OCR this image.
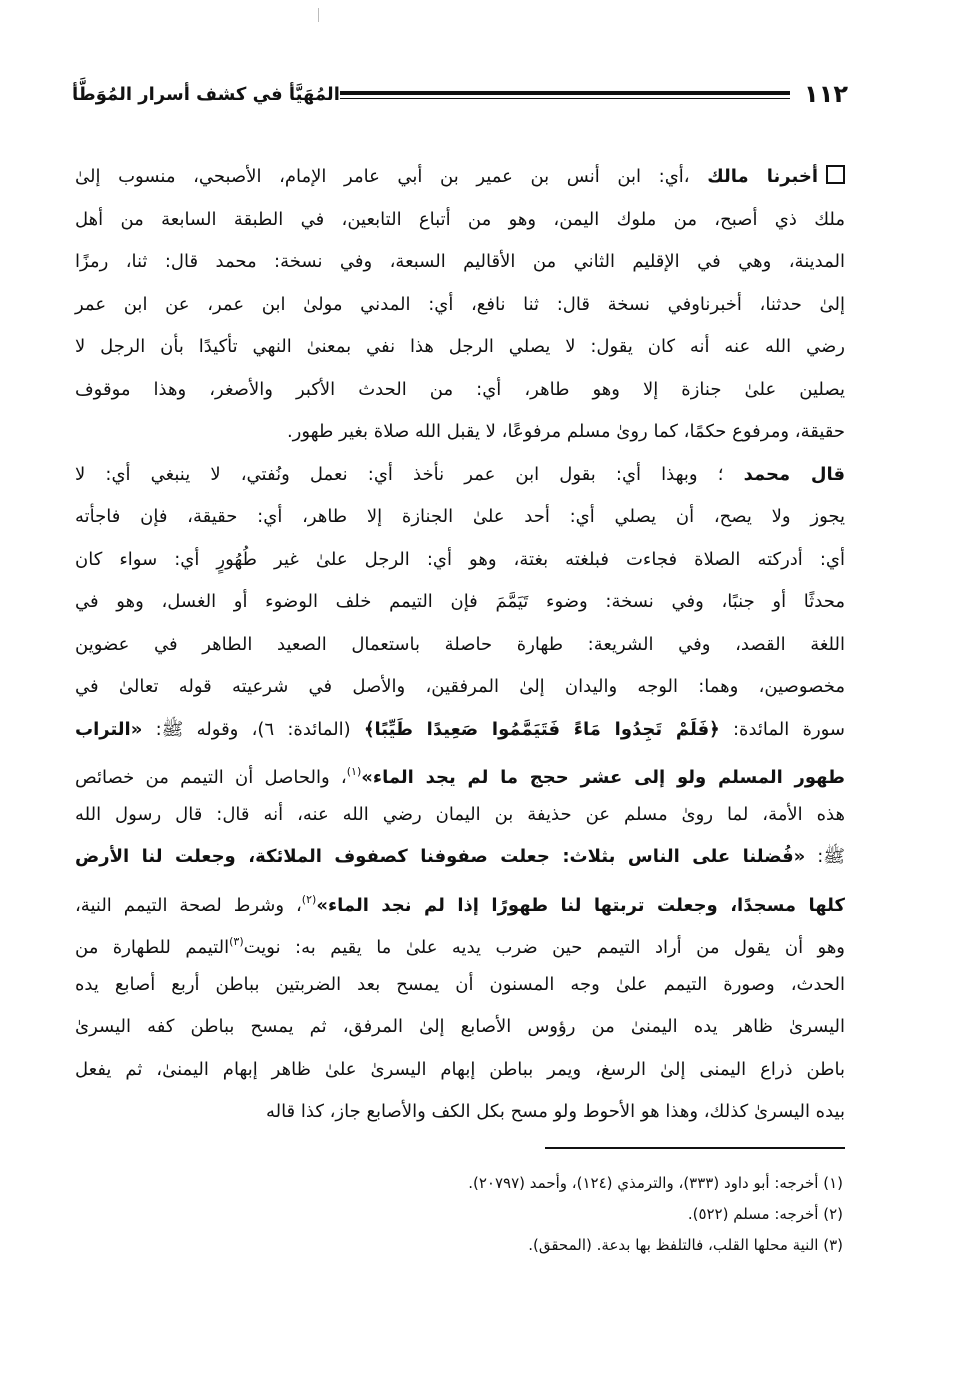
١١٢
المُهَيَّأ في كشف أسرار المُوَطَّأ
أخبرنا مالك ،أي: ابن أنس بن عمير بن أبي عامر الإمام، الأصبحي، منسوب إلىٰ
ملك ذي أصبح، من ملوك اليمن، وهو من أتباع التابعين، في الطبقة السابعة من أهل
المدينة، وهي في الإقليم الثاني من الأقاليم السبعة، وفي نسخة: محمد قال: ثنا، رمزًا
إلىٰ حدثنا، أخبرناوفي نسخة قال: ثنا نافع، أي: المدني مولىٰ ابن عمر، عن ابن عمر
رضي الله عنه أنه كان يقول: لا يصلي الرجل هذا نفي بمعنىٰ النهي تأكيدًا بأن الرجل لا
يصلين علىٰ جنازة إلا وهو طاهر، أي: من الحدث الأكبر والأصغر، وهذا موقوف
حقيقة، ومرفوع حكمًا، كما روىٰ مسلم مرفوعًا، لا يقبل الله صلاة بغير طهور.
قال محمد ؛ وبهذا أي: بقول ابن عمر نأخذ أي: نعمل ونُفتي، لا ينبغي أي: لا
يجوز ولا يصح، أن يصلي أي: أحد علىٰ الجنازة إلا طاهر، أي: حقيقة، فإن فاجأته
أي: أدركته الصلاة فجاءت فبلغته بغتة، وهو أي: الرجل علىٰ غير طُهُورٍ أي: سواء كان
محدثًا أو جنبًا، وفي نسخة: وضوء تَيَمَّمَ فإن التيمم خلف الوضوء أو الغسل، وهو في
اللغة القصد، وفي الشريعة: طهارة حاصلة باستعمال الصعيد الطاهر في عضوين
مخصوصين، وهما: الوجه واليدان إلىٰ المرفقين، والأصل في شرعيته قوله تعالىٰ في
سورة المائدة: ﴿فَلَمْ تَجِدُوا مَاءً فَتَيَمَّمُوا صَعِيدًا طَيِّبًا﴾ (المائدة: ٦)، وقوله ﷺ: «التراب
طهور المسلم ولو إلى عشر حجج ما لم يجد الماء»$^{(١)}$، والحاصل أن التيمم من خصائص
هذه الأمة، لما روىٰ مسلم عن حذيفة بن اليمان رضي الله عنه، أنه قال: قال رسول الله
ﷺ: «فُضلنا على الناس بثلاث: جعلت صفوفنا كصفوف الملائكة، وجعلت لنا الأرض
كلها مسجدًا، وجعلت تربتها لنا طهورًا إذا لم نجد الماء»$^{(٢)}$، وشرط لصحة التيمم النية،
وهو أن يقول من أراد التيمم حين ضرب يديه علىٰ ما يقيم به: نويت$^{(٣)}$التيمم للطهارة من
الحدث، وصورة التيمم علىٰ وجه المسنون أن يمسح بعد الضربتين بباطن أربع أصابع يده
اليسرىٰ ظاهر يده اليمنىٰ من رؤوس الأصابع إلىٰ المرفق، ثم يمسح بباطن كفه اليسرىٰ
باطن ذراع اليمنى إلىٰ الرسغ، ويمر بباطن إبهام اليسرىٰ علىٰ ظاهر إبهام اليمنىٰ، ثم يفعل
بيده اليسرىٰ كذلك، وهذا هو الأحوط ولو مسح بكل الكف والأصابع جاز، كذا قاله
(١) أخرجه: أبو داود (٣٣٣)، والترمذي (١٢٤)، وأحمد (٢٠٧٩٧).
(٢) أخرجه: مسلم (٥٢٢).
(٣) النية محلها القلب، فالتلفظ بها بدعة. (المحقق).
